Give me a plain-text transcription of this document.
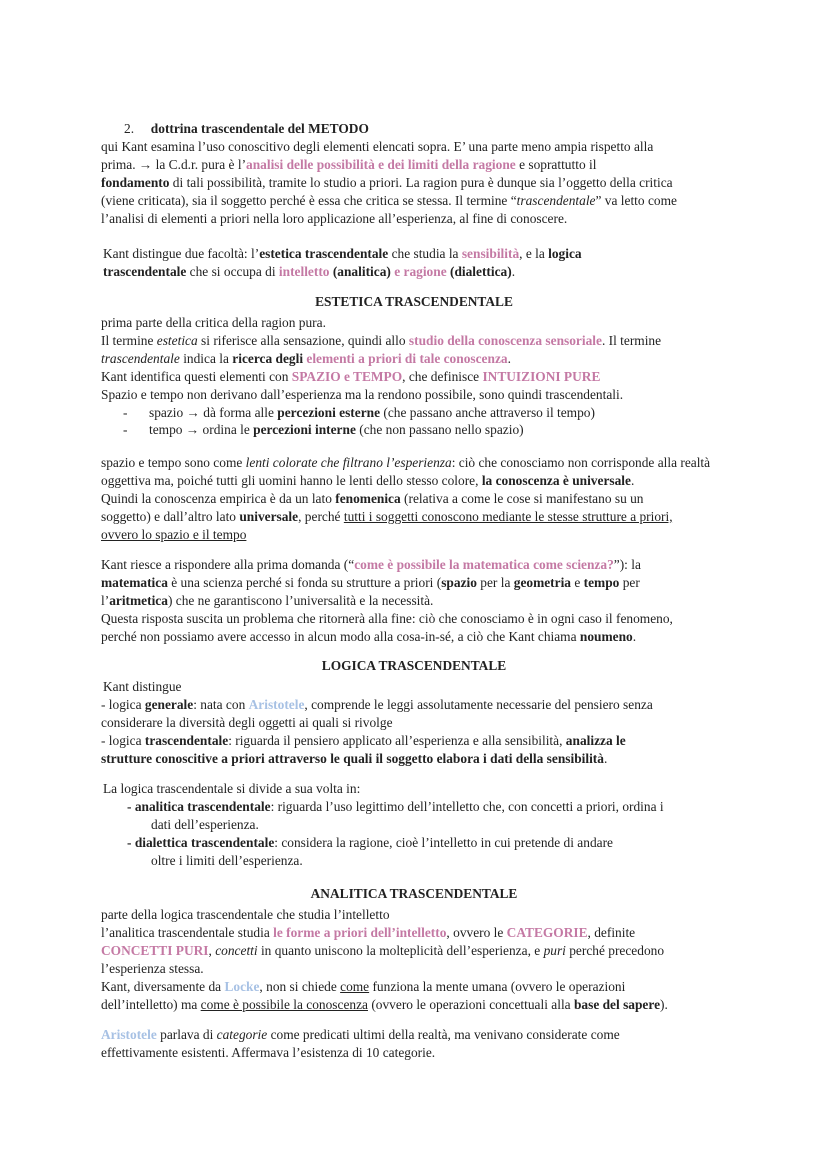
2. dottrina trascendentale del METODO

qui Kant esamina l’uso conoscitivo degli elementi elencati sopra. E’ una parte meno ampia rispetto alla

prima. → la C.d.r. pura è l’analisi delle possibilità e dei limiti della ragione e soprattutto il

fondamento di tali possibilità, tramite lo studio a priori. La ragion pura è dunque sia l’oggetto della critica

(viene criticata), sia il soggetto perché è essa che critica se stessa. Il termine “trascendentale” va letto come

l’analisi di elementi a priori nella loro applicazione all’esperienza, al fine di conoscere.

Kant distingue due facoltà: l’estetica trascendentale che studia la sensibilità, e la logica

trascendentale che si occupa di intelletto (analitica) e ragione (dialettica).

ESTETICA TRASCENDENTALE

prima parte della critica della ragion pura.

Il termine estetica si riferisce alla sensazione, quindi allo studio della conoscenza sensoriale. Il termine

trascendentale indica la ricerca degli elementi a priori di tale conoscenza.

Kant identifica questi elementi con SPAZIO e TEMPO, che definisce INTUIZIONI PURE

Spazio e tempo non derivano dall’esperienza ma la rendono possibile, sono quindi trascendentali.

- spazio → dà forma alle percezioni esterne (che passano anche attraverso il tempo)

- tempo → ordina le percezioni interne (che non passano nello spazio)

spazio e tempo sono come lenti colorate che filtrano l’esperienza: ciò che conosciamo non corrisponde alla realtà

oggettiva ma, poiché tutti gli uomini hanno le lenti dello stesso colore, la conoscenza è universale.

Quindi la conoscenza empirica è da un lato fenomenica (relativa a come le cose si manifestano su un

soggetto) e dall’altro lato universale, perché tutti i soggetti conoscono mediante le stesse strutture a priori,

ovvero lo spazio e il tempo

Kant riesce a rispondere alla prima domanda (“come è possibile la matematica come scienza?”): la

matematica è una scienza perché si fonda su strutture a priori (spazio per la geometria e tempo per

l’aritmetica) che ne garantiscono l’universalità e la necessità.

Questa risposta suscita un problema che ritornerà alla fine: ciò che conosciamo è in ogni caso il fenomeno,

perché non possiamo avere accesso in alcun modo alla cosa-in-sé, a ciò che Kant chiama noumeno.

LOGICA TRASCENDENTALE

Kant distingue

- logica generale: nata con Aristotele, comprende le leggi assolutamente necessarie del pensiero senza

considerare la diversità degli oggetti ai quali si rivolge

- logica trascendentale: riguarda il pensiero applicato all’esperienza e alla sensibilità, analizza le

strutture conoscitive a priori attraverso le quali il soggetto elabora i dati della sensibilità.

La logica trascendentale si divide a sua volta in:

- analitica trascendentale: riguarda l’uso legittimo dell’intelletto che, con concetti a priori, ordina i

dati dell’esperienza.

- dialettica trascendentale: considera la ragione, cioè l’intelletto in cui pretende di andare

oltre i limiti dell’esperienza.

ANALITICA TRASCENDENTALE

parte della logica trascendentale che studia l’intelletto

l’analitica trascendentale studia le forme a priori dell’intelletto, ovvero le CATEGORIE, definite

CONCETTI PURI, concetti in quanto uniscono la molteplicità dell’esperienza, e puri perché precedono

l’esperienza stessa.

Kant, diversamente da Locke, non si chiede come funziona la mente umana (ovvero le operazioni

dell’intelletto) ma come è possibile la conoscenza (ovvero le operazioni concettuali alla base del sapere).

Aristotele parlava di categorie come predicati ultimi della realtà, ma venivano considerate come

effettivamente esistenti. Affermava l’esistenza di 10 categorie.
